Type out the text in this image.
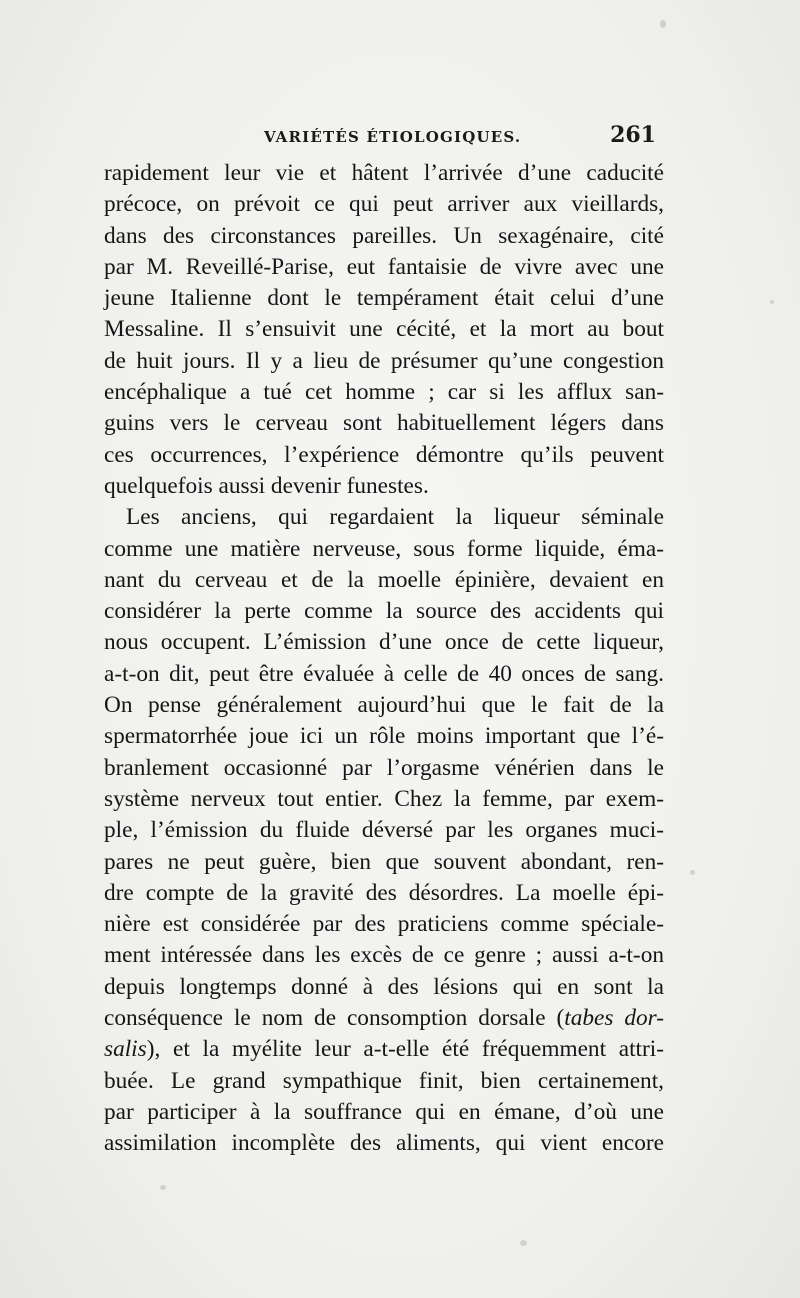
VARIÉTÉS ÉTIOLOGIQUES.	261
rapidement leur vie et hâtent l’arrivée d’une caducité
précoce, on prévoit ce qui peut arriver aux vieillards,
dans des circonstances pareilles. Un sexagénaire, cité
par M. Reveillé-Parise, eut fantaisie de vivre avec une
jeune Italienne dont le tempérament était celui d’une
Messaline. Il s’ensuivit une cécité, et la mort au bout
de huit jours. Il y a lieu de présumer qu’une congestion
encéphalique a tué cet homme ; car si les afflux san-
guins vers le cerveau sont habituellement légers dans
ces occurrences, l’expérience démontre qu’ils peuvent
quelquefois aussi devenir funestes.
Les anciens, qui regardaient la liqueur séminale
comme une matière nerveuse, sous forme liquide, éma-
nant du cerveau et de la moelle épinière, devaient en
considérer la perte comme la source des accidents qui
nous occupent. L’émission d’une once de cette liqueur,
a-t-on dit, peut être évaluée à celle de 40 onces de sang.
On pense généralement aujourd’hui que le fait de la
spermatorrhée joue ici un rôle moins important que l’é-
branlement occasionné par l’orgasme vénérien dans le
système nerveux tout entier. Chez la femme, par exem-
ple, l’émission du fluide déversé par les organes muci-
pares ne peut guère, bien que souvent abondant, ren-
dre compte de la gravité des désordres. La moelle épi-
nière est considérée par des praticiens comme spéciale-
ment intéressée dans les excès de ce genre ; aussi a-t-on
depuis longtemps donné à des lésions qui en sont la
conséquence le nom de consomption dorsale (tabes dor-
salis), et la myélite leur a-t-elle été fréquemment attri-
buée. Le grand sympathique finit, bien certainement,
par participer à la souffrance qui en émane, d’où une
assimilation incomplète des aliments, qui vient encore
